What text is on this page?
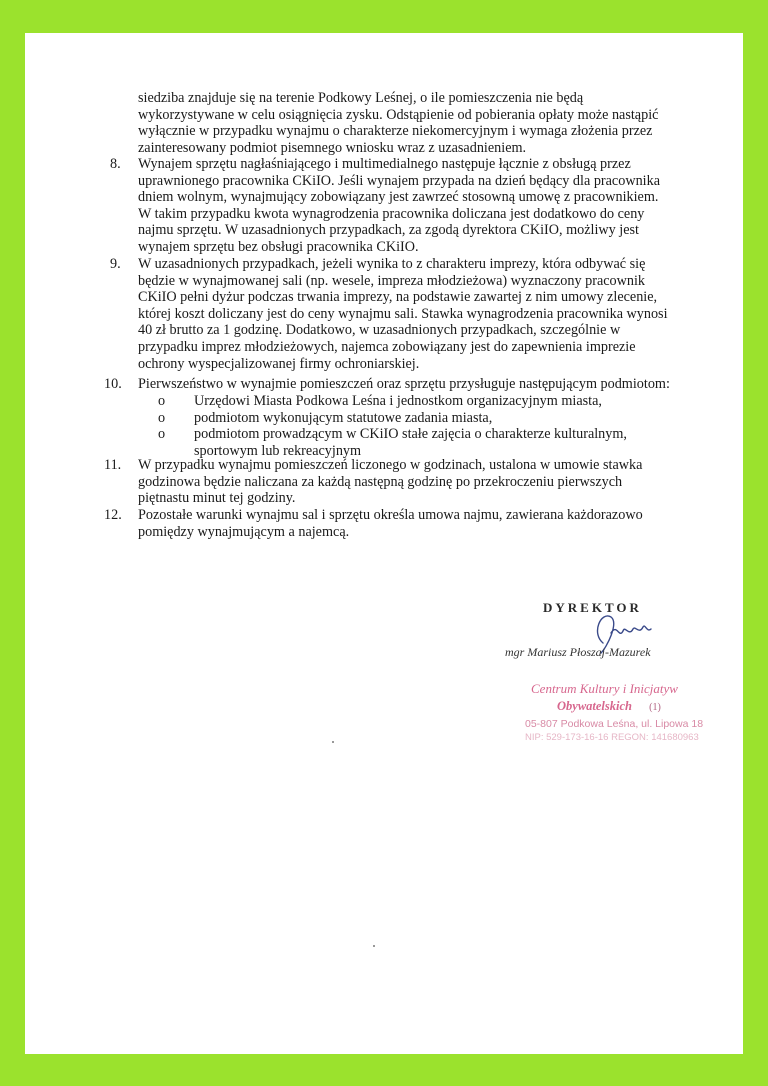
siedziba znajduje się na terenie Podkowy Leśnej, o ile pomieszczenia nie będą
wykorzystywane w celu osiągnięcia zysku. Odstąpienie od pobierania opłaty może nastąpić
wyłącznie w przypadku wynajmu o charakterze niekomercyjnym i wymaga złożenia przez
zainteresowany podmiot pisemnego wniosku wraz z uzasadnieniem.
8. Wynajem sprzętu nagłaśniającego i multimedialnego następuje łącznie z obsługą przez
uprawnionego pracownika CKiIO. Jeśli wynajem przypada na dzień będący dla pracownika
dniem wolnym, wynajmujący zobowiązany jest zawrzeć stosowną umowę z pracownikiem.
W takim przypadku kwota wynagrodzenia pracownika doliczana jest dodatkowo do ceny
najmu sprzętu. W uzasadnionych przypadkach, za zgodą dyrektora CKiIO, możliwy jest
wynajem sprzętu bez obsługi pracownika CKiIO.
9. W uzasadnionych przypadkach, jeżeli wynika to z charakteru imprezy, która odbywać się
będzie w wynajmowanej sali (np. wesele, impreza młodzieżowa) wyznaczony pracownik
CKiIO pełni dyżur podczas trwania imprezy, na podstawie zawartej z nim umowy zlecenie,
której koszt doliczany jest do ceny wynajmu sali. Stawka wynagrodzenia pracownika wynosi
40 zł brutto za 1 godzinę. Dodatkowo, w uzasadnionych przypadkach, szczególnie w
przypadku imprez młodzieżowych, najemca zobowiązany jest do zapewnienia imprezie
ochrony wyspecjalizowanej firmy ochroniarskiej.
10. Pierwszeństwo w wynajmie pomieszczeń oraz sprzętu przysługuje następującym podmiotom:
o Urzędowi Miasta Podkowa Leśna i jednostkom organizacyjnym miasta,
o podmiotom wykonującym statutowe zadania miasta,
o podmiotom prowadzącym w CKiIO stałe zajęcia o charakterze kulturalnym, sportowym lub rekreacyjnym
11. W przypadku wynajmu pomieszczeń liczonego w godzinach, ustalona w umowie stawka
godzinowa będzie naliczana za każdą następną godzinę po przekroczeniu pierwszych
piętnastu minut tej godziny.
12. Pozostałe warunki wynajmu sal i sprzętu określa umowa najmu, zawierana każdorazowo
pomiędzy wynajmującym a najemcą.
DYREKTOR
mgr Mariusz Płoszaj-Mazurek
Centrum Kultury i Inicjatyw
Obywatelskich (1)
05-807 Podkowa Leśna, ul. Lipowa 18
NIP: 529-173-16-16 REGON: 141680963
